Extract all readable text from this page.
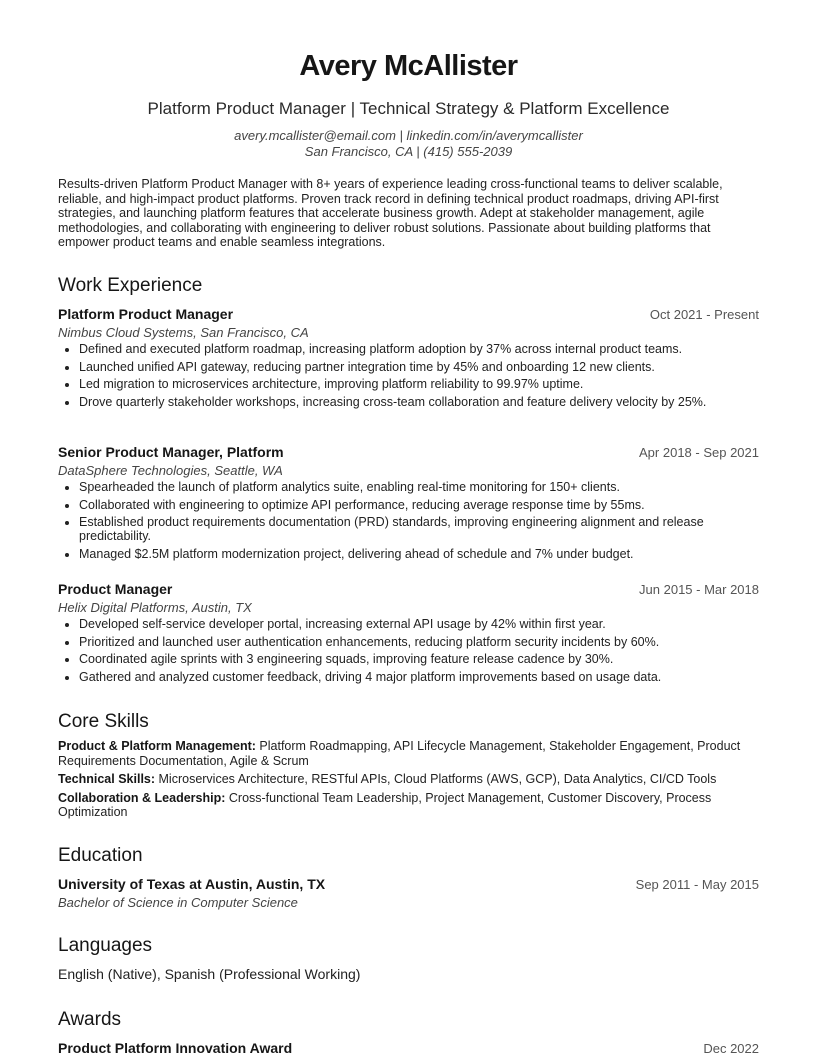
Avery McAllister
Platform Product Manager | Technical Strategy & Platform Excellence
avery.mcallister@email.com | linkedin.com/in/averymcallister
San Francisco, CA | (415) 555-2039
Results-driven Platform Product Manager with 8+ years of experience leading cross-functional teams to deliver scalable, reliable, and high-impact product platforms. Proven track record in defining technical product roadmaps, driving API-first strategies, and launching platform features that accelerate business growth. Adept at stakeholder management, agile methodologies, and collaborating with engineering to deliver robust solutions. Passionate about building platforms that empower product teams and enable seamless integrations.
Work Experience
Platform Product Manager	Oct 2021 - Present
Nimbus Cloud Systems, San Francisco, CA
• Defined and executed platform roadmap, increasing platform adoption by 37% across internal product teams.
• Launched unified API gateway, reducing partner integration time by 45% and onboarding 12 new clients.
• Led migration to microservices architecture, improving platform reliability to 99.97% uptime.
• Drove quarterly stakeholder workshops, increasing cross-team collaboration and feature delivery velocity by 25%.
Senior Product Manager, Platform	Apr 2018 - Sep 2021
DataSphere Technologies, Seattle, WA
• Spearheaded the launch of platform analytics suite, enabling real-time monitoring for 150+ clients.
• Collaborated with engineering to optimize API performance, reducing average response time by 55ms.
• Established product requirements documentation (PRD) standards, improving engineering alignment and release predictability.
• Managed $2.5M platform modernization project, delivering ahead of schedule and 7% under budget.
Product Manager	Jun 2015 - Mar 2018
Helix Digital Platforms, Austin, TX
• Developed self-service developer portal, increasing external API usage by 42% within first year.
• Prioritized and launched user authentication enhancements, reducing platform security incidents by 60%.
• Coordinated agile sprints with 3 engineering squads, improving feature release cadence by 30%.
• Gathered and analyzed customer feedback, driving 4 major platform improvements based on usage data.
Core Skills
Product & Platform Management: Platform Roadmapping, API Lifecycle Management, Stakeholder Engagement, Product Requirements Documentation, Agile & Scrum
Technical Skills: Microservices Architecture, RESTful APIs, Cloud Platforms (AWS, GCP), Data Analytics, CI/CD Tools
Collaboration & Leadership: Cross-functional Team Leadership, Project Management, Customer Discovery, Process Optimization
Education
University of Texas at Austin, Austin, TX	Sep 2011 - May 2015
Bachelor of Science in Computer Science
Languages
English (Native), Spanish (Professional Working)
Awards
Product Platform Innovation Award	Dec 2022
